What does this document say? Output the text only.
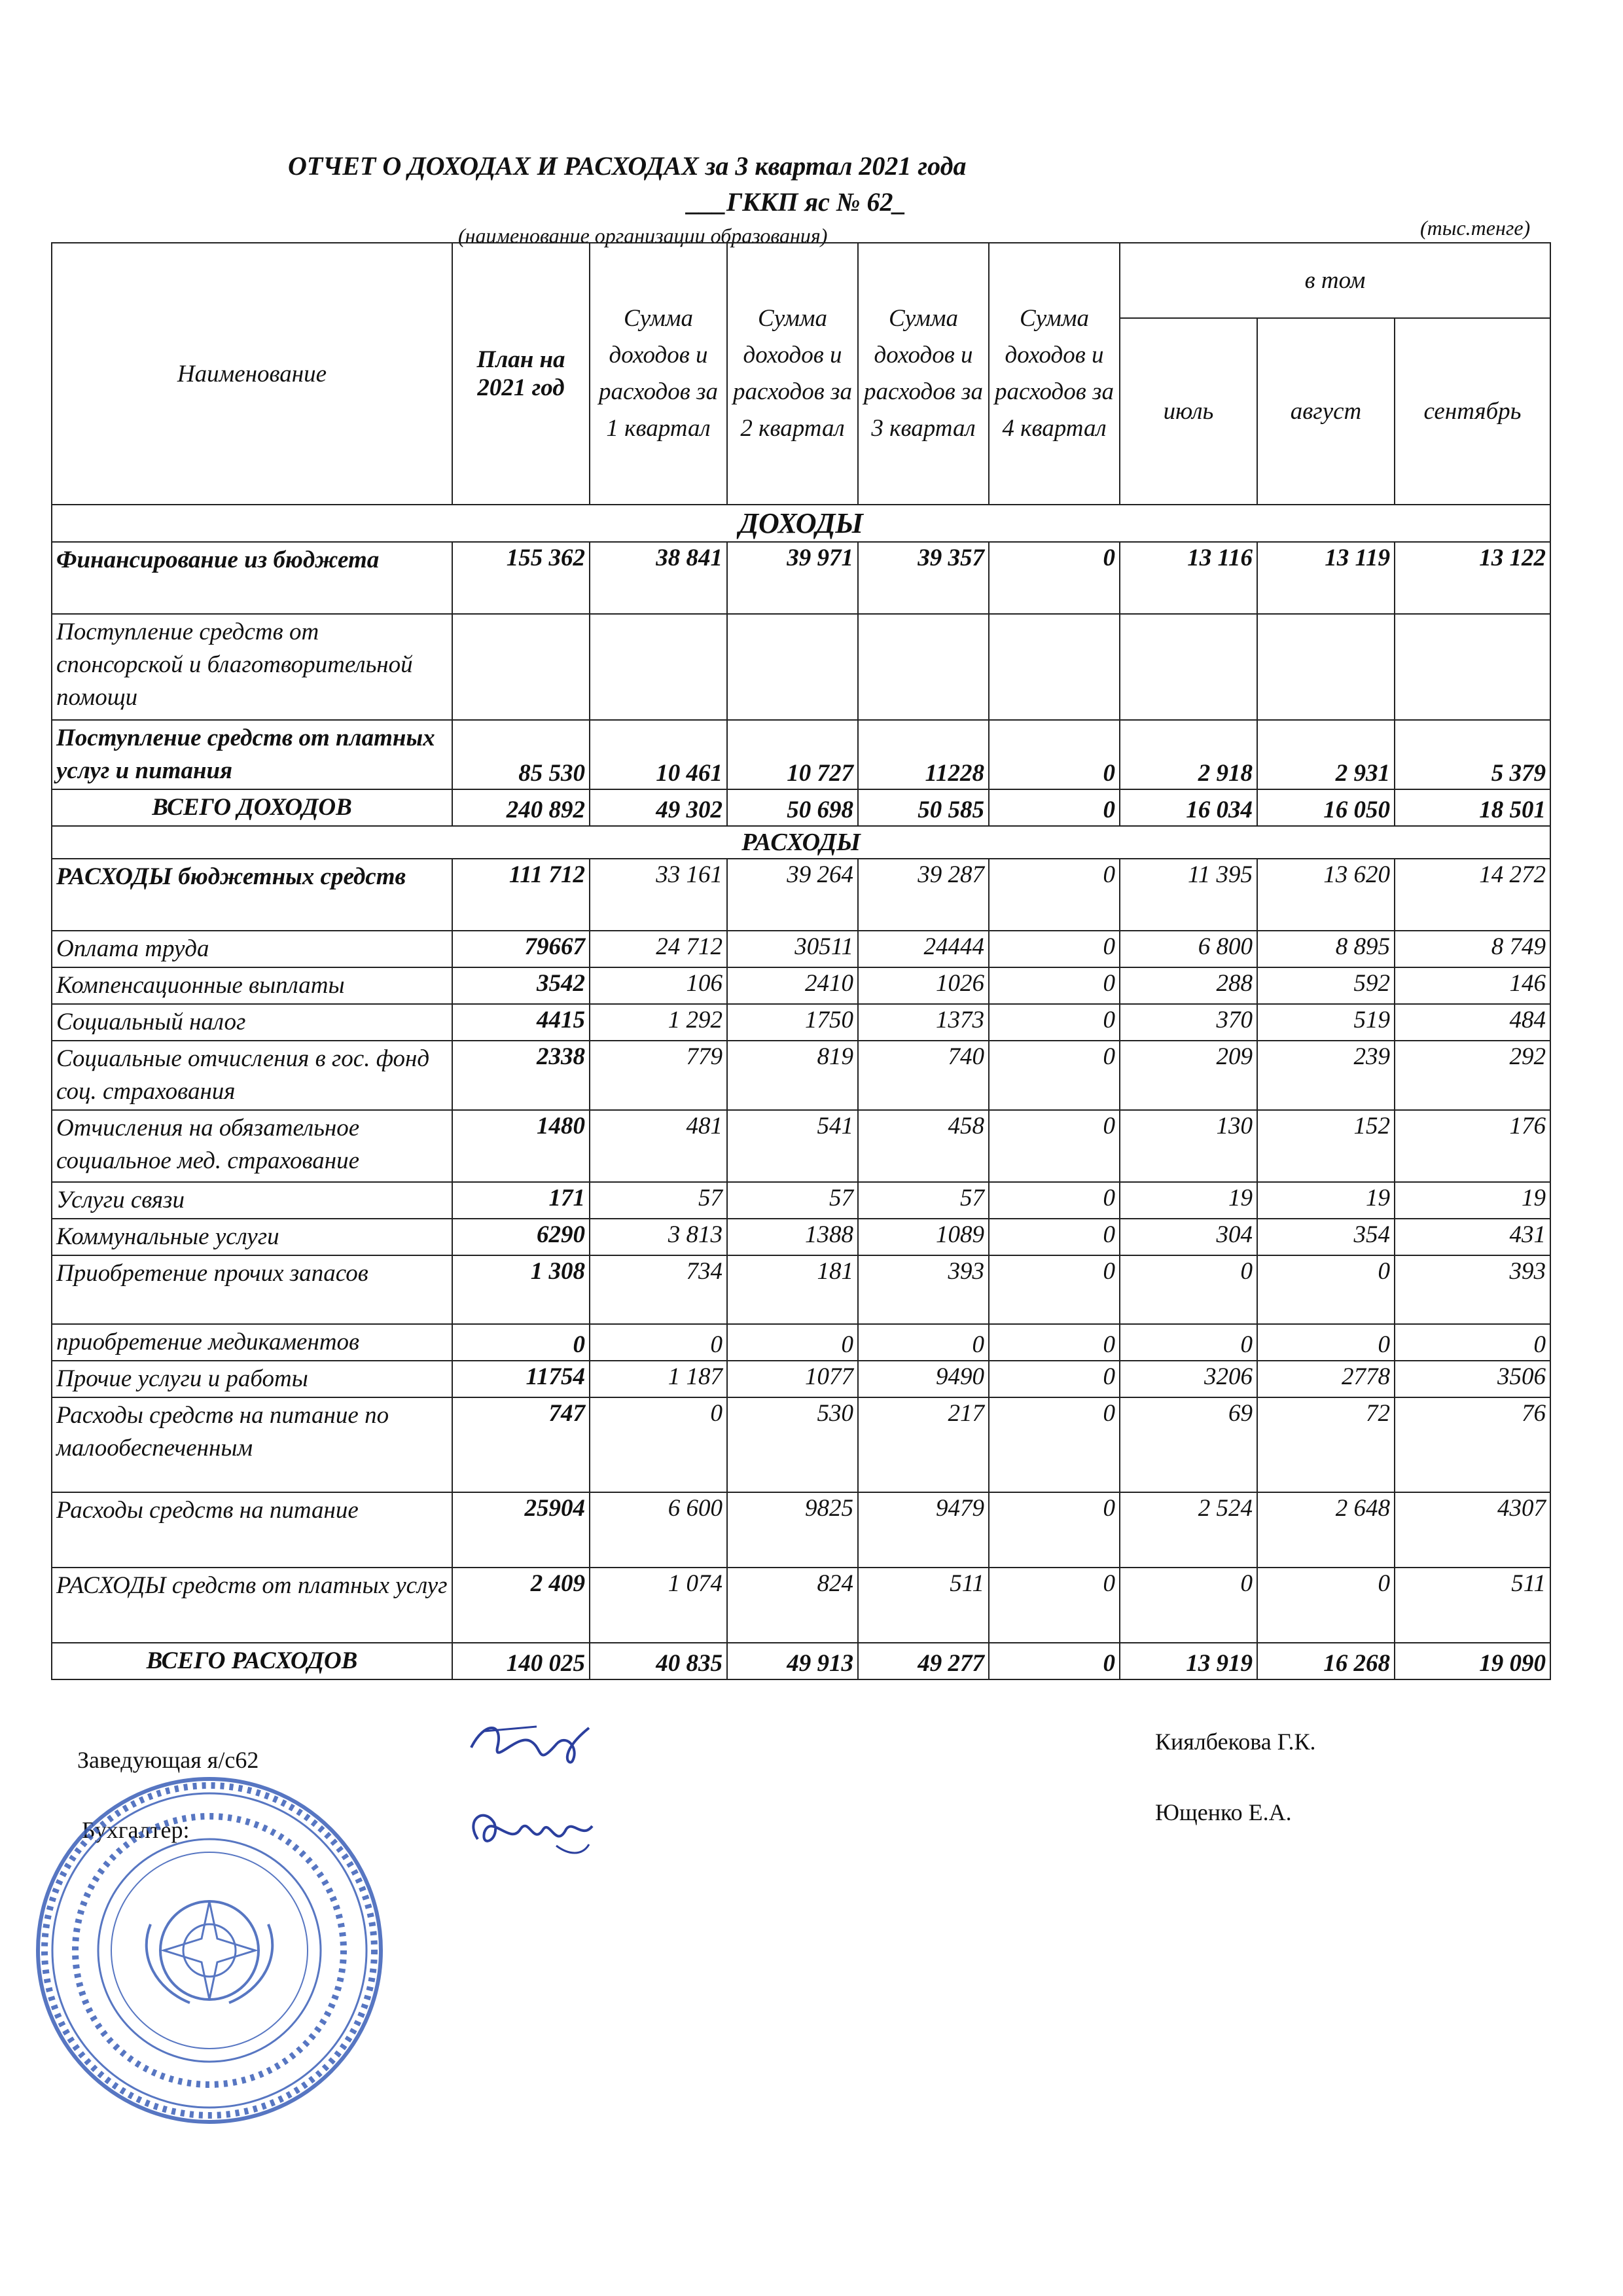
ОТЧЕТ О ДОХОДАХ И РАСХОДАХ за 3 квартал 2021 года
___ГККП яс № 62_
(наименование организации образования)	(тыс.тенге)
Наименование	План на 2021 год	Сумма доходов и расходов за 1 квартал	Сумма доходов и расходов за 2 квартал	Сумма доходов и расходов за 3 квартал	Сумма доходов и расходов за 4 квартал	в том		
						июль	август	сентябрь
ДОХОДЫ								
Финансирование из бюджета	155 362	38 841	39 971	39 357	0	13 116	13 119	13 122
Поступление средств от спонсорской и благотворительной помощи								
Поступление средств от платных услуг и питания	85 530	10 461	10 727	11228	0	2 918	2 931	5 379
ВСЕГО ДОХОДОВ	240 892	49 302	50 698	50 585	0	16 034	16 050	18 501
РАСХОДЫ								
РАСХОДЫ бюджетных средств	111 712	33 161	39 264	39 287	0	11 395	13 620	14 272
Оплата труда	79667	24 712	30511	24444	0	6 800	8 895	8 749
Компенсационные выплаты	3542	106	2410	1026	0	288	592	146
Социальный налог	4415	1 292	1750	1373	0	370	519	484
Социальные отчисления в гос. фонд соц. страхования	2338	779	819	740	0	209	239	292
Отчисления на обязательное социальное мед. страхование	1480	481	541	458	0	130	152	176
Услуги связи	171	57	57	57	0	19	19	19
Коммунальные услуги	6290	3 813	1388	1089	0	304	354	431
Приобретение прочих запасов	1 308	734	181	393	0	0	0	393
приобретение медикаментов	0	0	0	0	0	0	0	0
Прочие услуги и работы	11754	1 187	1077	9490	0	3206	2778	3506
Расходы средств на питание по малообеспеченным	747	0	530	217	0	69	72	76
Расходы средств на питание	25904	6 600	9825	9479	0	2 524	2 648	4307
РАСХОДЫ средств от платных услуг	2 409	1 074	824	511	0	0	0	511
ВСЕГО РАСХОДОВ	140 025	40 835	49 913	49 277	0	13 919	16 268	19 090
Заведующая я/с62
Киялбекова Г.К.
Бухгалтер:
Ющенко Е.А.
